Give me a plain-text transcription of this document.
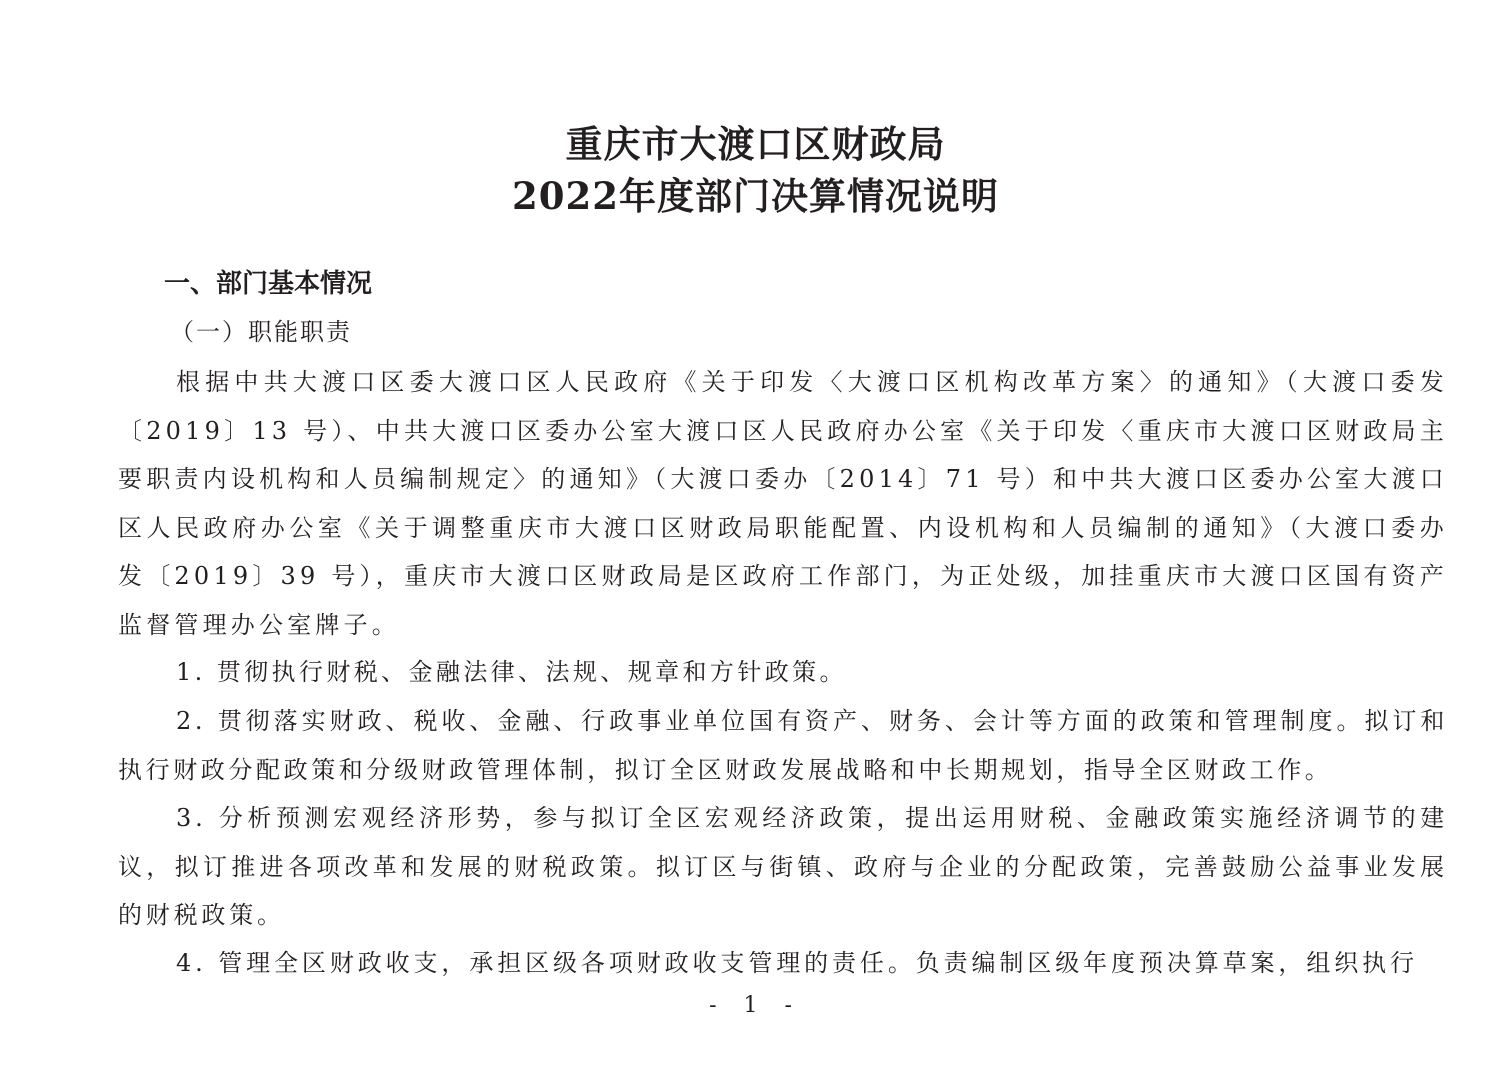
重庆市大渡口区财政局
2022年度部门决算情况说明
一、部门基本情况
（一）职能职责
根据中共大渡口区委大渡口区人民政府《关于印发〈大渡口区机构改革方案〉的通知》（大渡口委发〔2019〕13 号）、中共大渡口区委办公室大渡口区人民政府办公室《关于印发〈重庆市大渡口区财政局主要职责内设机构和人员编制规定〉的通知》（大渡口委办〔2014〕71 号）和中共大渡口区委办公室大渡口区人民政府办公室《关于调整重庆市大渡口区财政局职能配置、内设机构和人员编制的通知》（大渡口委办发〔2019〕39 号），重庆市大渡口区财政局是区政府工作部门，为正处级，加挂重庆市大渡口区国有资产监督管理办公室牌子。
1. 贯彻执行财税、金融法律、法规、规章和方针政策。
2. 贯彻落实财政、税收、金融、行政事业单位国有资产、财务、会计等方面的政策和管理制度。拟订和执行财政分配政策和分级财政管理体制，拟订全区财政发展战略和中长期规划，指导全区财政工作。
3. 分析预测宏观经济形势，参与拟订全区宏观经济政策，提出运用财税、金融政策实施经济调节的建议，拟订推进各项改革和发展的财税政策。拟订区与街镇、政府与企业的分配政策，完善鼓励公益事业发展的财税政策。
4. 管理全区财政收支，承担区级各项财政收支管理的责任。负责编制区级年度预决算草案，组织执行
- 1 -
